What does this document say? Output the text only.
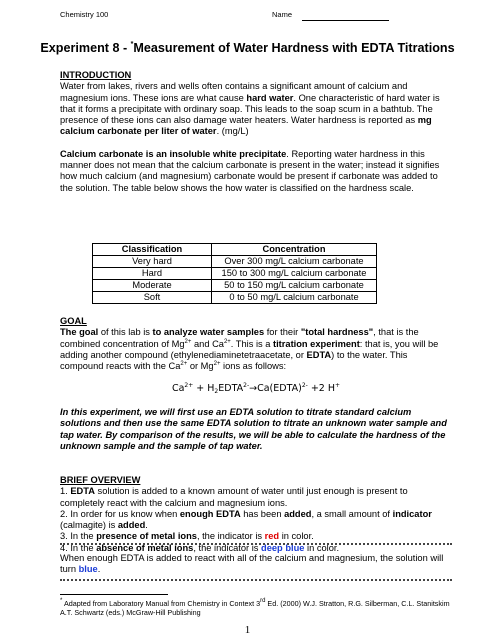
Chemistry 100	Name
Experiment 8 - *Measurement of Water Hardness with EDTA Titrations
INTRODUCTION
Water from lakes, rivers and wells often contains a significant amount of calcium and magnesium ions. These ions are what cause hard water. One characteristic of hard water is that it forms a precipitate with ordinary soap. This leads to the soap scum in a bathtub. The presence of these ions can also damage water heaters. Water hardness is reported as mg calcium carbonate per liter of water. (mg/L)
Calcium carbonate is an insoluble white precipitate. Reporting water hardness in this manner does not mean that the calcium carbonate is present in the water; instead it signifies how much calcium (and magnesium) carbonate would be present if carbonate was added to the solution. The table below shows the how water is classified on the hardness scale.
Classification	Concentration
Very hard	Over 300 mg/L calcium carbonate
Hard	150 to 300 mg/L calcium carbonate
Moderate	50 to 150 mg/L calcium carbonate
Soft	0 to 50 mg/L calcium carbonate
GOAL
The goal of this lab is to analyze water samples for their "total hardness", that is the combined concentration of $Mg^{2+}$ and $Ca^{2+}$. This is a titration experiment: that is, you will be adding another compound (ethylenediaminetetraacetate, or EDTA) to the water. This compound reacts with the $Ca^{2+}$ or $Mg^{2+}$ ions as follows:
$Ca^{2+}$ + $H_2EDTA^{2-}\to Ca(EDTA)^{2-} +2$ H+
In this experiment, we will first use an EDTA solution to titrate standard calcium solutions and then use the same EDTA solution to titrate an unknown water sample and tap water. By comparison of the results, we will be able to calculate the hardness of the unknown sample and the sample of tap water.
BRIEF OVERVIEW
1. EDTA solution is added to a known amount of water until just enough is present to completely react with the calcium and magnesium ions.
2. In order for us know when enough EDTA has been added, a small amount of indicator (calmagite) is added.
3. In the presence of metal ions, the indicator is red in color.
4. In the absence of metal ions, the indicator is deep blue in color.
When enough EDTA is added to react with all of the calcium and magnesium, the solution will turn blue.
* Adapted from Laboratory Manual from Chemistry in Context 3rd Ed. (2000) W.J. Stratton, R.G. Silberman, C.L. Stanitskim A.T. Schwartz (eds.) McGraw-Hill Publishing
1
